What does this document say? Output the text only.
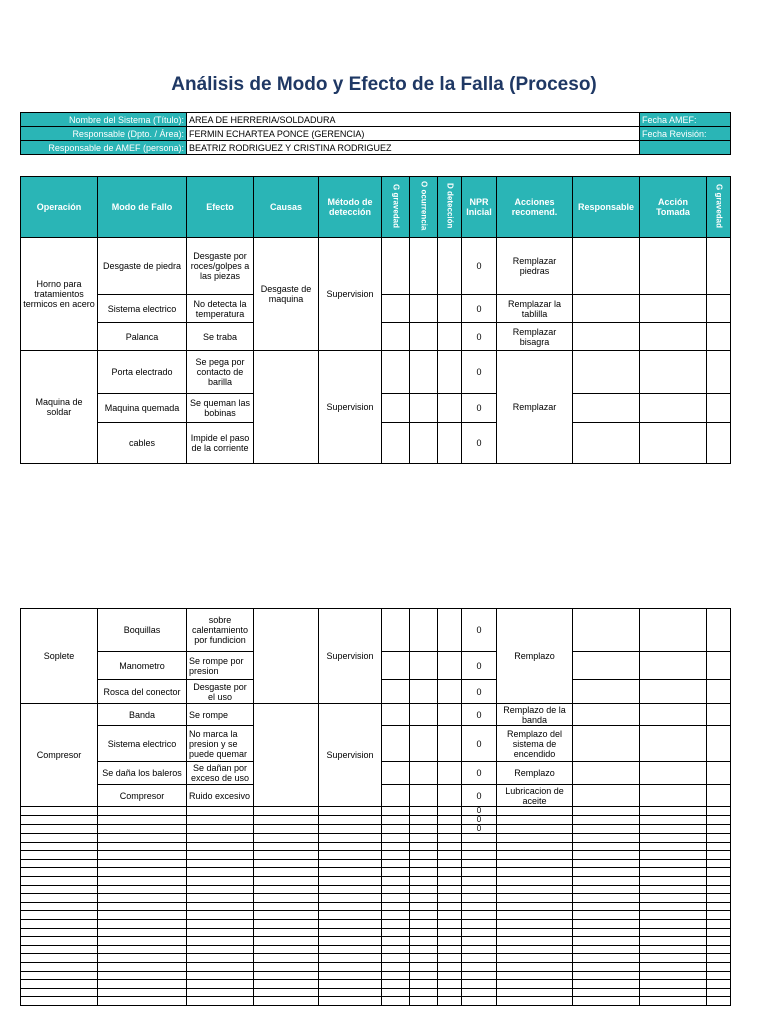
Análisis de Modo y Efecto de la Falla (Proceso)
Nombre del Sistema (Título):	AREA DE HERRERIA/SOLDADURA	Fecha AMEF:
Responsable (Dpto. / Área):	FERMIN ECHARTEA PONCE (GERENCIA)	Fecha Revisión:
Responsable de AMEF (persona):	BEATRIZ RODRIGUEZ Y CRISTINA RODRIGUEZ	
Operación	Modo de Fallo	Efecto	Causas	Método de detección	G gravedad	O ocurrencia	D detección	NPR Inicial	Acciones recomend.	Responsable	Acción Tomada	G gravedad
Horno para tratamientos termicos en acero	Desgaste de piedra	Desgaste por roces/golpes a las piezas	Desgaste de maquina	Supervision				0	Remplazar piedras			
	Sistema electrico	No detecta la temperatura						0	Remplazar la tablilla			
	Palanca	Se traba						0	Remplazar bisagra			
Maquina de soldar	Porta electrado	Se pega por contacto de barilla		Supervision				0	Remplazar			
	Maquina quemada	Se queman las bobinas						0				
	cables	Impide el paso de la corriente						0				
Soplete	Boquillas	sobre calentamiento por fundicion		Supervision				0	Remplazo			
	Manometro	Se rompe por presion						0				
	Rosca del conector	Desgaste por el uso						0				
Compresor	Banda	Se rompe		Supervision				0	Remplazo de la banda			
	Sistema electrico	No marca la presion y se puede quemar						0	Remplazo del sistema de encendido			
	Se daña los baleros	Se dañan por exceso de uso						0	Remplazo			
	Compresor	Ruido excesivo						0	Lubricacion de aceite			
								0				
								0				
								0				
